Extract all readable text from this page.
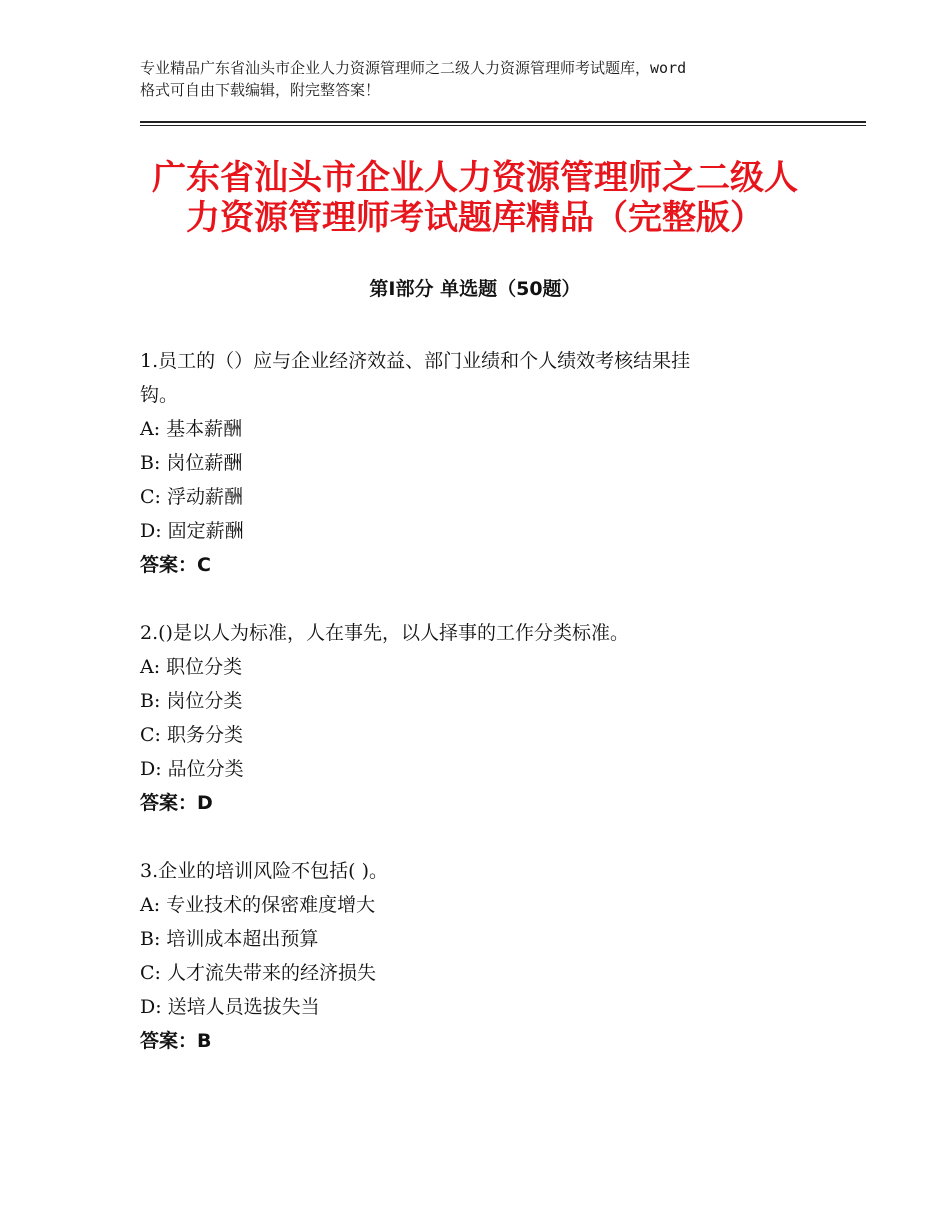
专业精品广东省汕头市企业人力资源管理师之二级人力资源管理师考试题库，word
格式可自由下载编辑，附完整答案！
广东省汕头市企业人力资源管理师之二级人
力资源管理师考试题库精品（完整版）
第Ⅰ部分 单选题（50题）

1.员工的（）应与企业经济效益、部门业绩和个人绩效考核结果挂
钩。

A: 基本薪酬

B: 岗位薪酬

C: 浮动薪酬

D: 固定薪酬

答案：C

2.()是以人为标准，人在事先，以人择事的工作分类标准。

A: 职位分类

B: 岗位分类

C: 职务分类

D: 品位分类

答案：D

3.企业的培训风险不包括( )。

A: 专业技术的保密难度增大

B: 培训成本超出预算

C: 人才流失带来的经济损失

D: 送培人员选拔失当

答案：B
